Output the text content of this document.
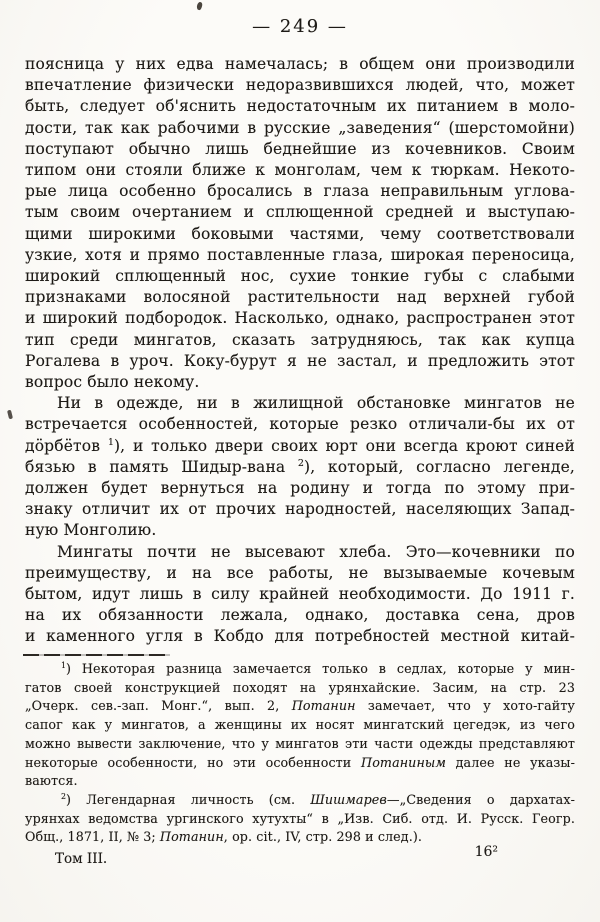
— 249 —
поясница у них едва намечалась; в общем они производили
впечатление физически недоразвившихся людей, что, может
быть, следует об'яснить недостаточным их питанием в моло-
дости, так как рабочими в русские „заведения“ (шерстомойни)
поступают обычно лишь беднейшие из кочевников. Своим
типом они стояли ближе к монголам, чем к тюркам. Некото-
рые лица особенно бросались в глаза неправильным углова-
тым своим очертанием и сплющенной средней и выступаю-
щими широкими боковыми частями, чему соответствовали
узкие, хотя и прямо поставленные глаза, широкая переносица,
широкий сплющенный нос, сухие тонкие губы с слабыми
признаками волосяной растительности над верхней губой
и широкий подбородок. Насколько, однако, распространен этот
тип среди мингатов, сказать затрудняюсь, так как купца
Рогалева в уроч. Коку-бурут я не застал, и предложить этот
вопрос было некому.
Ни в одежде, ни в жилищной обстановке мингатов не
встречается особенностей, которые резко отличали-бы их от
дöрбётов $^1$), и только двери своих юрт они всегда кроют синей
бязью в память Шидыр-вана $^2$), который, согласно легенде,
должен будет вернуться на родину и тогда по этому при-
знаку отличит их от прочих народностей, населяющих Запад-
ную Монголию.
Мингаты почти не высевают хлеба. Это—кочевники по
преимуществу, и на все работы, не вызываемые кочевым
бытом, идут лишь в силу крайней необходимости. До 1911 г.
на их обязанности лежала, однако, доставка сена, дров
и каменного угля в Кобдо для потребностей местной китай-
$^1$) Некоторая разница замечается только в седлах, которые у мин-
гатов своей конструкцией походят на урянхайские. Засим, на стр. 23
„Очерк. сев.-зап. Монг.“, вып. 2, Потанин замечает, что у хото-гайту
сапог как у мингатов, а женщины их носят мингатский цегедэк, из чего
можно вывести заключение, что у мингатов эти части одежды представляют
некоторые особенности, но эти особенности Потаниным далее не указы-
ваются.
$^2$) Легендарная личность (см. Шишмарев—„Сведения о дархатах-
урянхах ведомства ургинского хутухты“ в „Изв. Сиб. отд. И. Русск. Геогр.
Общ., 1871, II, № 3; Потанин, op. cit., IV, стр. 298 и след.).
Том III.	16²
